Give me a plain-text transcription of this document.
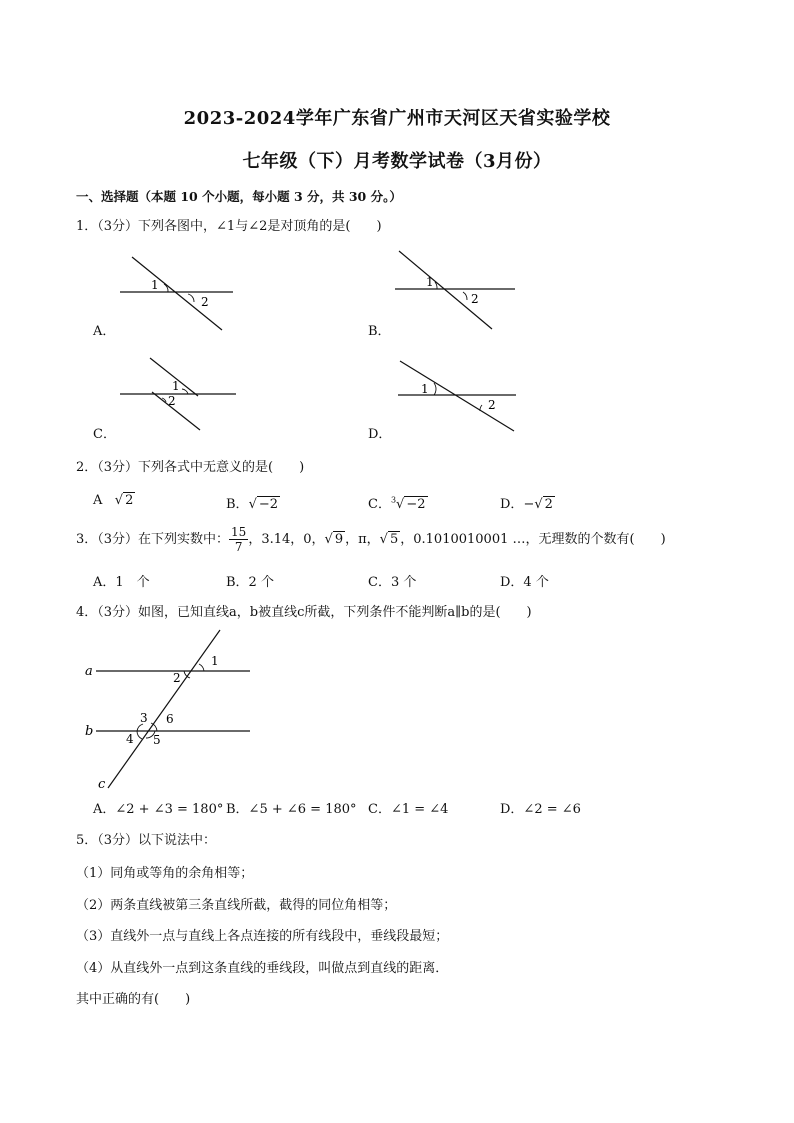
2023-2024学年广东省广州市天河区天省实验学校
七年级（下）月考数学试卷（3月份）
一、选择题（本题 10 个小题，每小题 3 分，共 30 分。）
1．（3分）下列各图中，∠1与∠2是对顶角的是(　　)
1
2
A．
1
2
B．
1
2
C．
1
2
D．
2．（3分）下列各式中无意义的是(　　)
A √ 2	B．√ −2	C．$^3$√ −2	D．−√ 2
3．（3分）在下列实数中： $\frac{15}{7}$ ，3.14，0，√ 9 ，π，√ 5 ，0.1010010001 …，无理数的个数有(　　)
A．1　个	B．2 个	C．3 个	D．4 个
4．（3分）如图，已知直线a，b被直线c所截，下列条件不能判断a∥b的是(　　)
a
b
c
1
2
3 6
4 5
A．∠2 + ∠3 = 180° B．∠5 + ∠6 = 180° C．∠1 = ∠4	D．∠2 = ∠6
5．（3分）以下说法中：
（1）同角或等角的余角相等；
（2）两条直线被第三条直线所截，截得的同位角相等；
（3）直线外一点与直线上各点连接的所有线段中，垂线段最短；
（4）从直线外一点到这条直线的垂线段，叫做点到直线的距离．
其中正确的有(　　)
